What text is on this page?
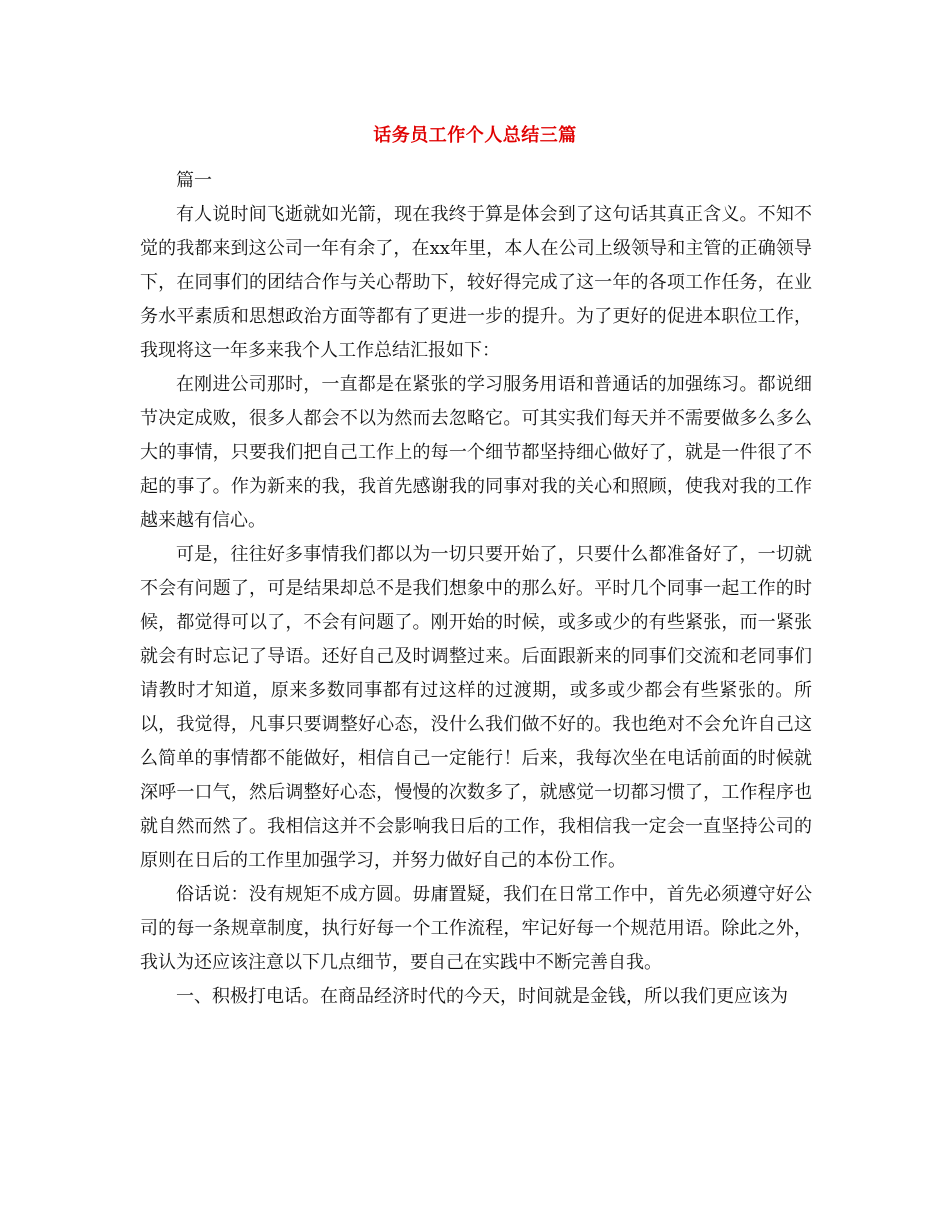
话务员工作个人总结三篇

篇一

有人说时间飞逝就如光箭，现在我终于算是体会到了这句话其真正含义。不知不觉的我都来到这公司一年有余了，在xx年里，本人在公司上级领导和主管的正确领导下，在同事们的团结合作与关心帮助下，较好得完成了这一年的各项工作任务，在业务水平素质和思想政治方面等都有了更进一步的提升。为了更好的促进本职位工作，我现将这一年多来我个人工作总结汇报如下：

在刚进公司那时，一直都是在紧张的学习服务用语和普通话的加强练习。都说细节决定成败，很多人都会不以为然而去忽略它。可其实我们每天并不需要做多么多么大的事情，只要我们把自己工作上的每一个细节都坚持细心做好了，就是一件很了不起的事了。作为新来的我，我首先感谢我的同事对我的关心和照顾，使我对我的工作越来越有信心。

可是，往往好多事情我们都以为一切只要开始了，只要什么都准备好了，一切就不会有问题了，可是结果却总不是我们想象中的那么好。平时几个同事一起工作的时候，都觉得可以了，不会有问题了。刚开始的时候，或多或少的有些紧张，而一紧张就会有时忘记了导语。还好自己及时调整过来。后面跟新来的同事们交流和老同事们请教时才知道，原来多数同事都有过这样的过渡期，或多或少都会有些紧张的。所以，我觉得，凡事只要调整好心态，没什么我们做不好的。我也绝对不会允许自己这么简单的事情都不能做好，相信自己一定能行！后来，我每次坐在电话前面的时候就深呼一口气，然后调整好心态，慢慢的次数多了，就感觉一切都习惯了，工作程序也就自然而然了。我相信这并不会影响我日后的工作，我相信我一定会一直坚持公司的原则在日后的工作里加强学习，并努力做好自己的本份工作。

俗话说：没有规矩不成方圆。毋庸置疑，我们在日常工作中，首先必须遵守好公司的每一条规章制度，执行好每一个工作流程，牢记好每一个规范用语。除此之外，我认为还应该注意以下几点细节，要自己在实践中不断完善自我。

一、积极打电话。在商品经济时代的今天，时间就是金钱，所以我们更应该为
